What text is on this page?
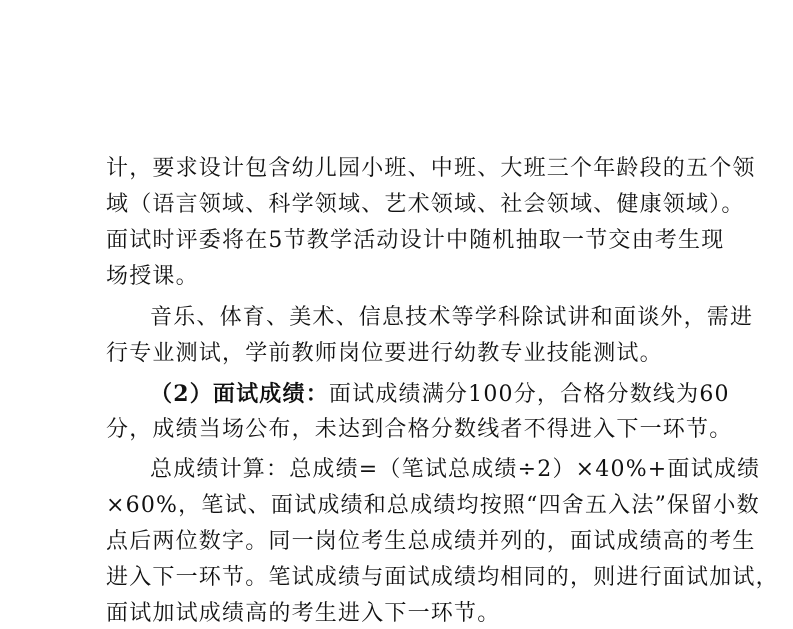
计，要求设计包含幼儿园小班、中班、大班三个年龄段的五个领
域（语言领域、科学领域、艺术领域、社会领域、健康领域）。
面试时评委将在5节教学活动设计中随机抽取一节交由考生现
场授课。
音乐、体育、美术、信息技术等学科除试讲和面谈外，需进
行专业测试，学前教师岗位要进行幼教专业技能测试。
（2）面试成绩：面试成绩满分100分，合格分数线为60
分，成绩当场公布，未达到合格分数线者不得进入下一环节。
总成绩计算：总成绩=（笔试总成绩÷2）×40%+面试成绩
×60%，笔试、面试成绩和总成绩均按照“四舍五入法”保留小数
点后两位数字。同一岗位考生总成绩并列的，面试成绩高的考生
进入下一环节。笔试成绩与面试成绩均相同的，则进行面试加试，
面试加试成绩高的考生进入下一环节。
